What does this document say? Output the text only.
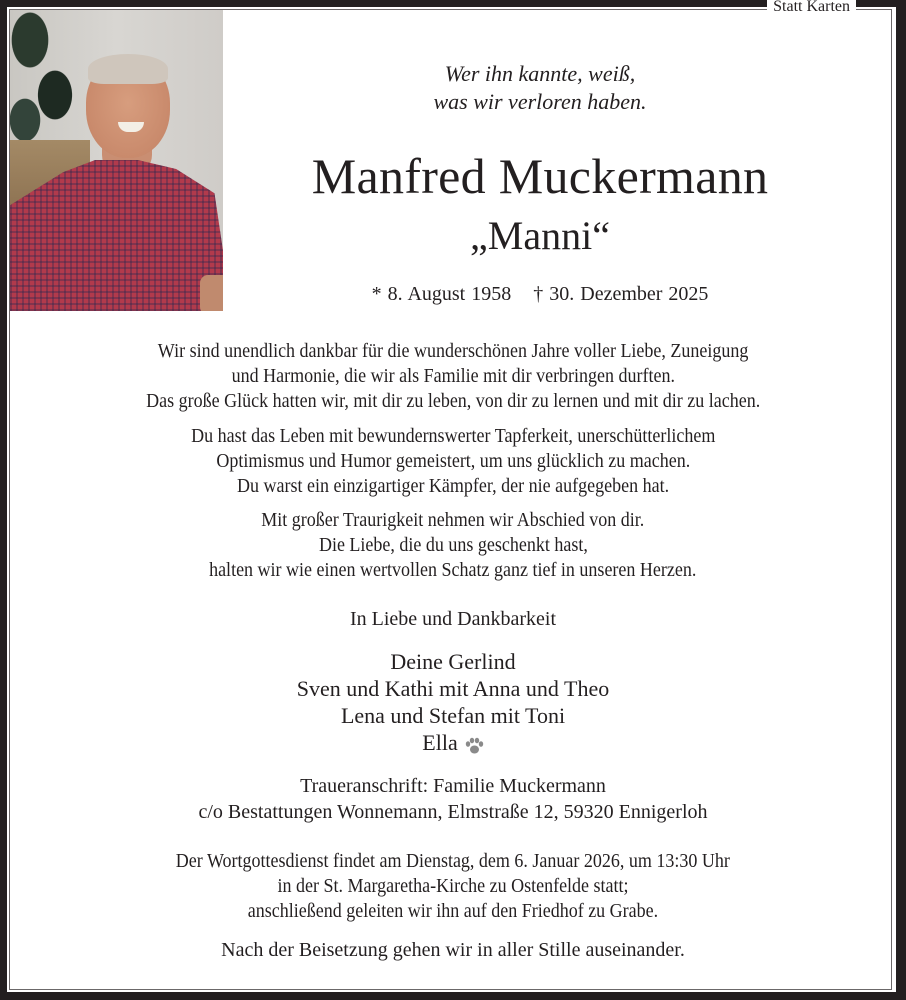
Statt Karten
Wer ihn kannte, weiß,
was wir verloren haben.
Manfred Muckermann
„Manni“
* 8. August 1958 † 30. Dezember 2025
Wir sind unendlich dankbar für die wunderschönen Jahre voller Liebe, Zuneigung
und Harmonie, die wir als Familie mit dir verbringen durften.
Das große Glück hatten wir, mit dir zu leben, von dir zu lernen und mit dir zu lachen.
Du hast das Leben mit bewundernswerter Tapferkeit, unerschütterlichem
Optimismus und Humor gemeistert, um uns glücklich zu machen.
Du warst ein einzigartiger Kämpfer, der nie aufgegeben hat.
Mit großer Traurigkeit nehmen wir Abschied von dir.
Die Liebe, die du uns geschenkt hast,
halten wir wie einen wertvollen Schatz ganz tief in unseren Herzen.
In Liebe und Dankbarkeit
Deine Gerlind
Sven und Kathi mit Anna und Theo
Lena und Stefan mit Toni
Ella
Traueranschrift: Familie Muckermann
c/o Bestattungen Wonnemann, Elmstraße 12, 59320 Ennigerloh
Der Wortgottesdienst findet am Dienstag, dem 6. Januar 2026, um 13:30 Uhr
in der St. Margaretha-Kirche zu Ostenfelde statt;
anschließend geleiten wir ihn auf den Friedhof zu Grabe.
Nach der Beisetzung gehen wir in aller Stille auseinander.
